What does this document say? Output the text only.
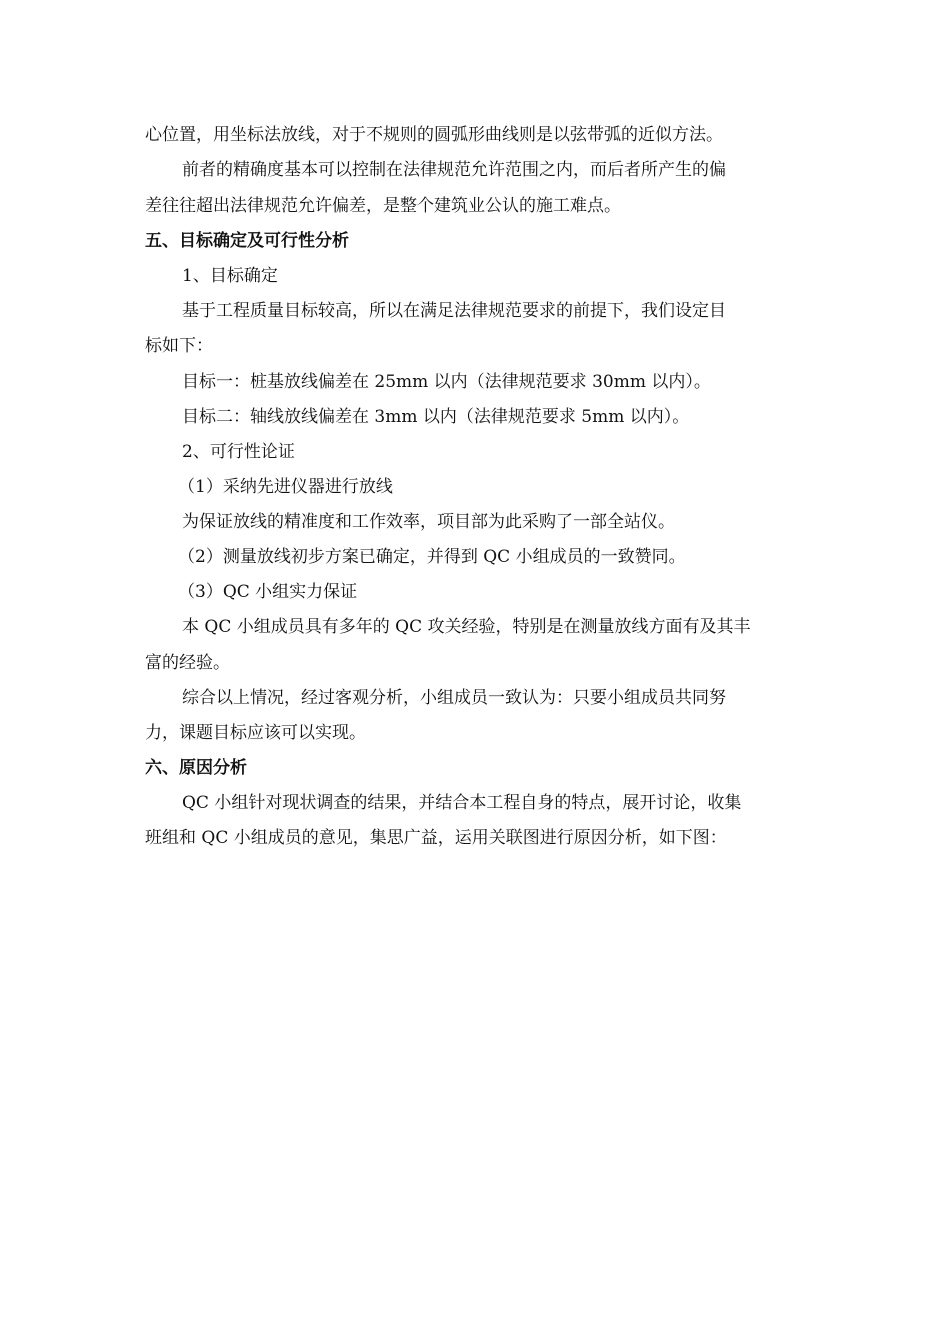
心位置，用坐标法放线，对于不规则的圆弧形曲线则是以弦带弧的近似方法。
前者的精确度基本可以控制在法律规范允许范围之内，而后者所产生的偏
差往往超出法律规范允许偏差，是整个建筑业公认的施工难点。
五、目标确定及可行性分析
1、目标确定
基于工程质量目标较高，所以在满足法律规范要求的前提下，我们设定目
标如下：
目标一：桩基放线偏差在 25mm 以内（法律规范要求 30mm 以内）。
目标二：轴线放线偏差在 3mm 以内（法律规范要求 5mm 以内）。
2、可行性论证
（1）采纳先进仪器进行放线
为保证放线的精准度和工作效率，项目部为此采购了一部全站仪。
（2）测量放线初步方案已确定，并得到 QC 小组成员的一致赞同。
（3）QC 小组实力保证
本 QC 小组成员具有多年的 QC 攻关经验，特别是在测量放线方面有及其丰
富的经验。
综合以上情况，经过客观分析，小组成员一致认为：只要小组成员共同努
力，课题目标应该可以实现。
六、原因分析
QC 小组针对现状调查的结果，并结合本工程自身的特点，展开讨论，收集
班组和 QC 小组成员的意见，集思广益，运用关联图进行原因分析，如下图：
